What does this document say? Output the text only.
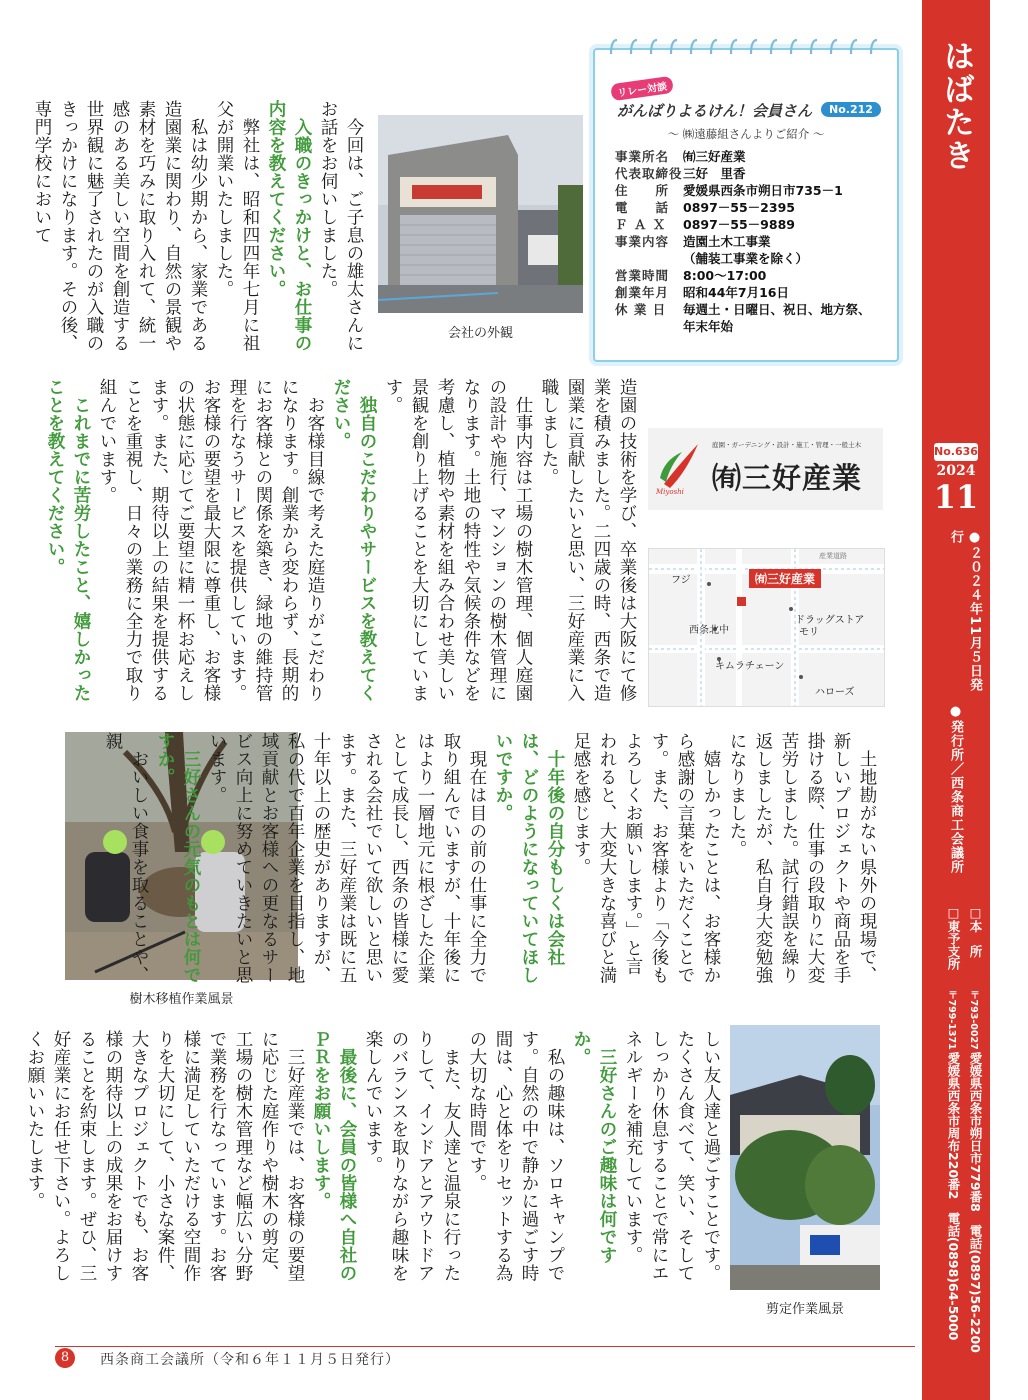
西条商工会議所ニュース　はばたき
No.636
2024
11
●２０２４年11月５日発行
●発行所／西条商工会議所
□本　所
〒793-0027
愛媛県西条市朔日市779番8　電話(0897)56-2200
□東予支所
〒799-1371
愛媛県西条市周布220番2　電話(0898)64-5000
リレー対談
がんばりよるけん！会員さん	No.212
～ ㈱遠藤組さんよりご紹介 ～
事業所名	㈲三好産業
代表取締役 三好　里香
住　　所	愛媛県西条市朔日市735－1
電　　話	0897－55－2395
Ｆ Ａ Ｘ	0897－55－9889
事業内容	造園土木工事業
（舗装工事業を除く）
営業時間	8:00～17:00
創業年月	昭和44年7月16日
休 業 日	毎週土・日曜日、祝日、地方祭、
年末年始
会社の外観
Miyoshi
庭園・ガーデニング・設計・施工・管理・一般土木
㈲三好産業
㈲三好産業
フジ
ドラッグストア
モリ
西条北中
キムラチェーン
ハローズ
産業道路
樹木移植作業風景
剪定作業風景

今回は、ご子息の雄太さんにお話をお伺いしました。

入職のきっかけと、お仕事の内容を教えてください。

弊社は、昭和四四年七月に祖父が開業いたしました。

私は幼少期から、家業である造園業に関わり、自然の景観や素材を巧みに取り入れて、統一感のある美しい空間を創造する世界観に魅了されたのが入職のきっかけになります。その後、専門学校において

造園の技術を学び、卒業後は大阪にて修業を積みました。二四歳の時、西条で造園業に貢献したいと思い、三好産業に入職しました。

仕事内容は工場の樹木管理、個人庭園の設計や施行、マンションの樹木管理になります。土地の特性や気候条件などを考慮し、植物や素材を組み合わせ美しい景観を創り上げることを大切にしています。

独自のこだわりやサービスを教えてください。

お客様目線で考えた庭造りがこだわりになります。創業から変わらず、長期的にお客様との関係を築き、緑地の維持管理を行なうサービスを提供しています。お客様の要望を最大限に尊重し、お客様の状態に応じてご要望に精一杯お応えします。また、期待以上の結果を提供することを重視し、日々の業務に全力で取り組んでいます。

これまでに苦労したこと、嬉しかったことを教えてください。

土地勘がない県外の現場で、新しいプロジェクトや商品を手掛ける際、仕事の段取りに大変苦労しました。試行錯誤を繰り返しましたが、私自身大変勉強になりました。

嬉しかったことは、お客様から感謝の言葉をいただくことです。また、お客様より「今後もよろしくお願いします。」と言われると、大変大きな喜びと満足感を感じます。

十年後の自分もしくは会社は、どのようになっていてほしいですか。

現在は目の前の仕事に全力で取り組んでいますが、十年後にはより一層地元に根ざした企業として成長し、西条の皆様に愛される会社でいて欲しいと思います。また、三好産業は既に五十年以上の歴史がありますが、私の代で百年企業を目指し、地域貢献とお客様への更なるサービス向上に努めていきたいと思います。

三好さんの元気のもとは何ですか。

おいしい食事を取ることや、親

しい友人達と過ごすことです。たくさん食べて、笑い、そしてしっかり休息することで常にエネルギーを補充しています。

三好さんのご趣味は何ですか。

私の趣味は、ソロキャンプです。自然の中で静かに過ごす時間は、心と体をリセットする為の大切な時間です。

また、友人達と温泉に行ったりして、インドアとアウトドアのバランスを取りながら趣味を楽しんでいます。

最後に、会員の皆様へ自社のＰＲをお願いします。

三好産業では、お客様の要望に応じた庭作りや樹木の剪定、工場の樹木管理など幅広い分野で業務を行なっています。お客様に満足していただける空間作りを大切にして、小さな案件、大きなプロジェクトでも、お客様の期待以上の成果をお届けすることを約束します。ぜひ、三好産業にお任せ下さい。よろしくお願いいたします。

8	西条商工会議所（令和６年１１月５日発行）
